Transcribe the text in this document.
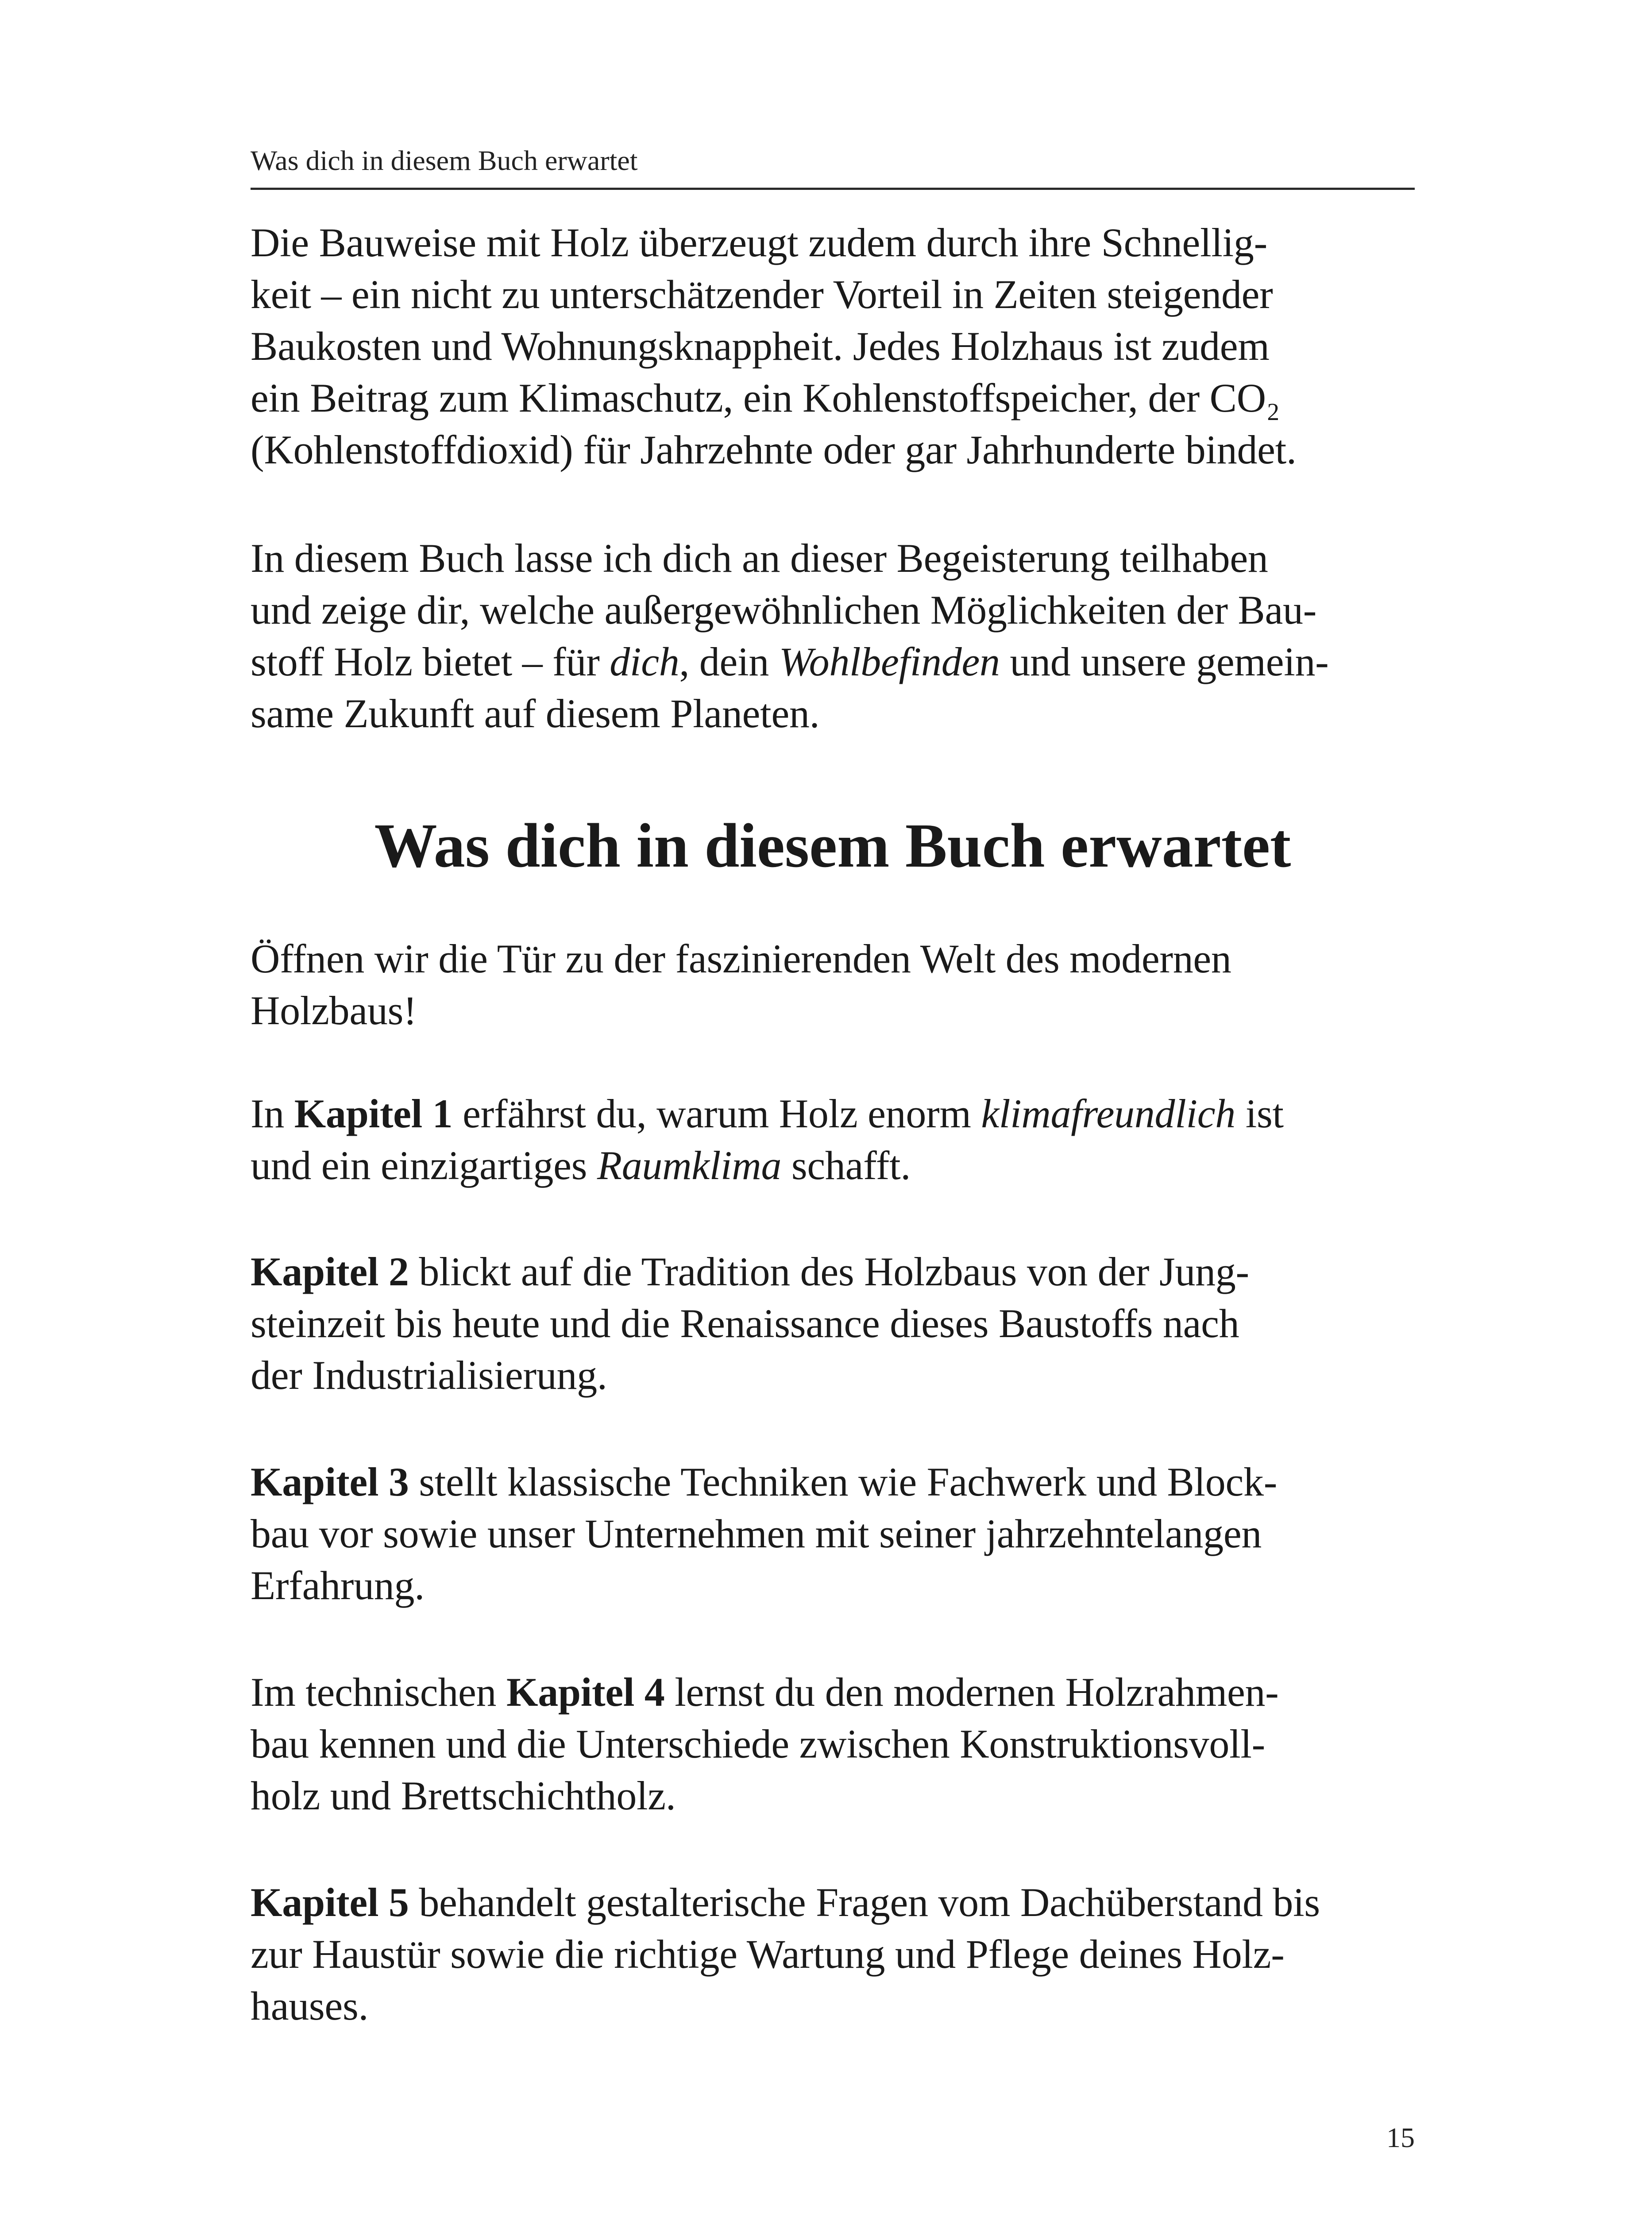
Was dich in diesem Buch erwartet

Die Bauweise mit Holz überzeugt zudem durch ihre Schnellig-
keit – ein nicht zu unterschätzender Vorteil in Zeiten steigender
Baukosten und Wohnungsknappheit. Jedes Holzhaus ist zudem
ein Beitrag zum Klimaschutz, ein Kohlenstoffspeicher, der CO₂
(Kohlenstoffdioxid) für Jahrzehnte oder gar Jahrhunderte bindet.

In diesem Buch lasse ich dich an dieser Begeisterung teilhaben
und zeige dir, welche außergewöhnlichen Möglichkeiten der Bau-
stoff Holz bietet – für dich, dein Wohlbefinden und unsere gemein-
same Zukunft auf diesem Planeten.

Was dich in diesem Buch erwartet

Öffnen wir die Tür zu der faszinierenden Welt des modernen
Holzbaus!

In Kapitel 1 erfährst du, warum Holz enorm klimafreundlich ist
und ein einzigartiges Raumklima schafft.

Kapitel 2 blickt auf die Tradition des Holzbaus von der Jung-
steinzeit bis heute und die Renaissance dieses Baustoffs nach
der Industrialisierung.

Kapitel 3 stellt klassische Techniken wie Fachwerk und Block-
bau vor sowie unser Unternehmen mit seiner jahrzehntelangen
Erfahrung.

Im technischen Kapitel 4 lernst du den modernen Holzrahmen-
bau kennen und die Unterschiede zwischen Konstruktionsvoll-
holz und Brettschichtholz.

Kapitel 5 behandelt gestalterische Fragen vom Dachüberstand bis
zur Haustür sowie die richtige Wartung und Pflege deines Holz-
hauses.

15
